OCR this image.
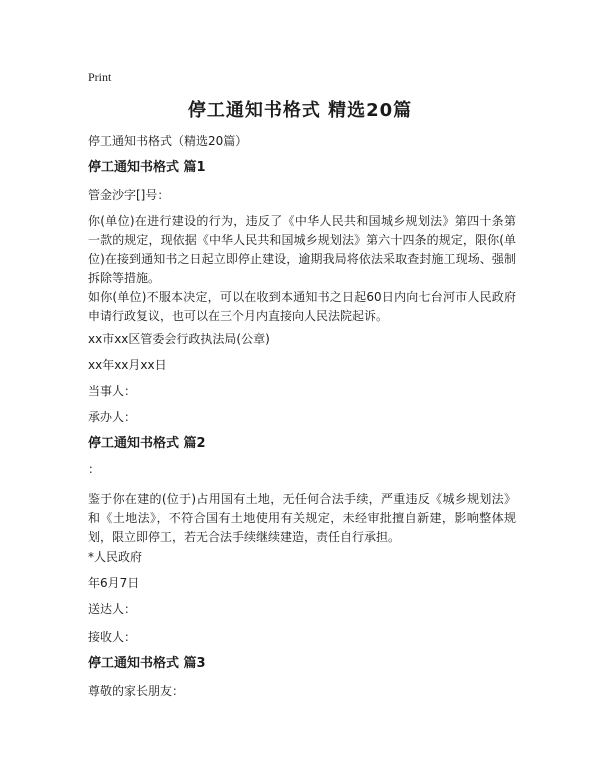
Print
停工通知书格式 精选20篇
停工通知书格式（精选20篇）
停工通知书格式 篇1
管金沙字[]号：
你(单位)在进行建设的行为，违反了《中华人民共和国城乡规划法》第四十条第一款的规定，现依据《中华人民共和国城乡规划法》第六十四条的规定，限你(单位)在接到通知书之日起立即停止建设，逾期我局将依法采取查封施工现场、强制拆除等措施。
如你(单位)不服本决定，可以在收到本通知书之日起60日内向七台河市人民政府申请行政复议，也可以在三个月内直接向人民法院起诉。
xx市xx区管委会行政执法局(公章)
xx年xx月xx日
当事人：
承办人：
停工通知书格式 篇2
：
鉴于你在建的(位于)占用国有土地，无任何合法手续，严重违反《城乡规划法》和《土地法》，不符合国有土地使用有关规定，未经审批擅自新建，影响整体规划，限立即停工，若无合法手续继续建造，责任自行承担。
*人民政府
年6月7日
送达人：
接收人：
停工通知书格式 篇3
尊敬的家长朋友：
